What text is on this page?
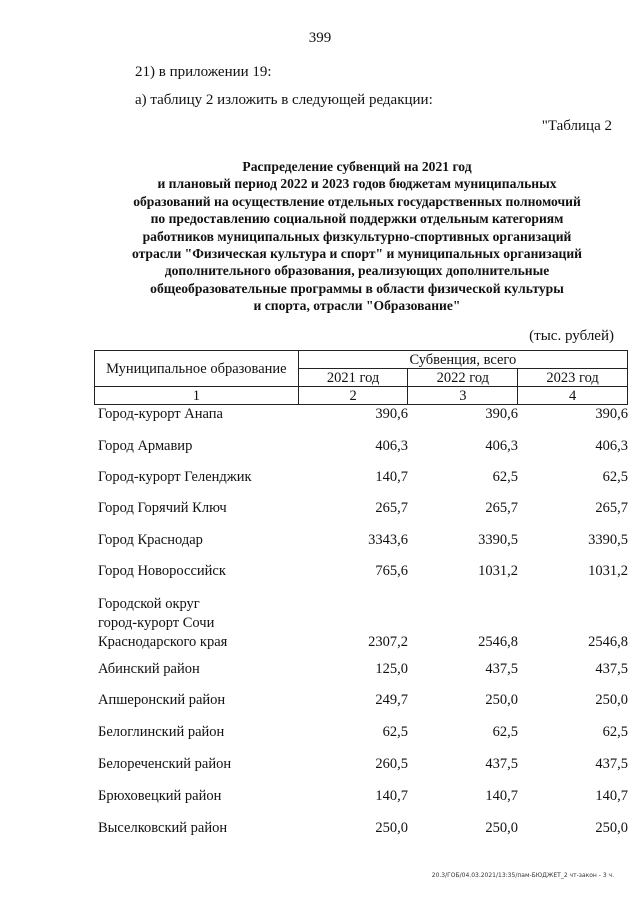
399
21) в приложении 19:
а) таблицу 2 изложить в следующей редакции:
"Таблица 2
Распределение субвенций на 2021 год
и плановый период 2022 и 2023 годов бюджетам муниципальных
образований на осуществление отдельных государственных полномочий
по предоставлению социальной поддержки отдельным категориям
работников муниципальных физкультурно-спортивных организаций
отрасли "Физическая культура и спорт" и муниципальных организаций
дополнительного образования, реализующих дополнительные
общеобразовательные программы в области физической культуры
и спорта, отрасли "Образование"
(тыс. рублей)
Муниципальное образование	Субвенция, всего		
	2021 год	2022 год	2023 год
1	2	3	4
Город-курорт Анапа	390,6	390,6	390,6
Город Армавир	406,3	406,3	406,3
Город-курорт Геленджик	140,7	62,5	62,5
Город Горячий Ключ	265,7	265,7	265,7
Город Краснодар	3343,6	3390,5	3390,5
Город Новороссийск	765,6	1031,2	1031,2
Городской округ
город-курорт Сочи
Краснодарского края	2307,2	2546,8	2546,8
Абинский район	125,0	437,5	437,5
Апшеронский район	249,7	250,0	250,0
Белоглинский район	62,5	62,5	62,5
Белореченский район	260,5	437,5	437,5
Брюховецкий район	140,7	140,7	140,7
Выселковский район	250,0	250,0	250,0
20.3/ГОБ/04.03.2021/13:35/пам-БЮДЖЕТ_2 чт-закон - 3 ч.
